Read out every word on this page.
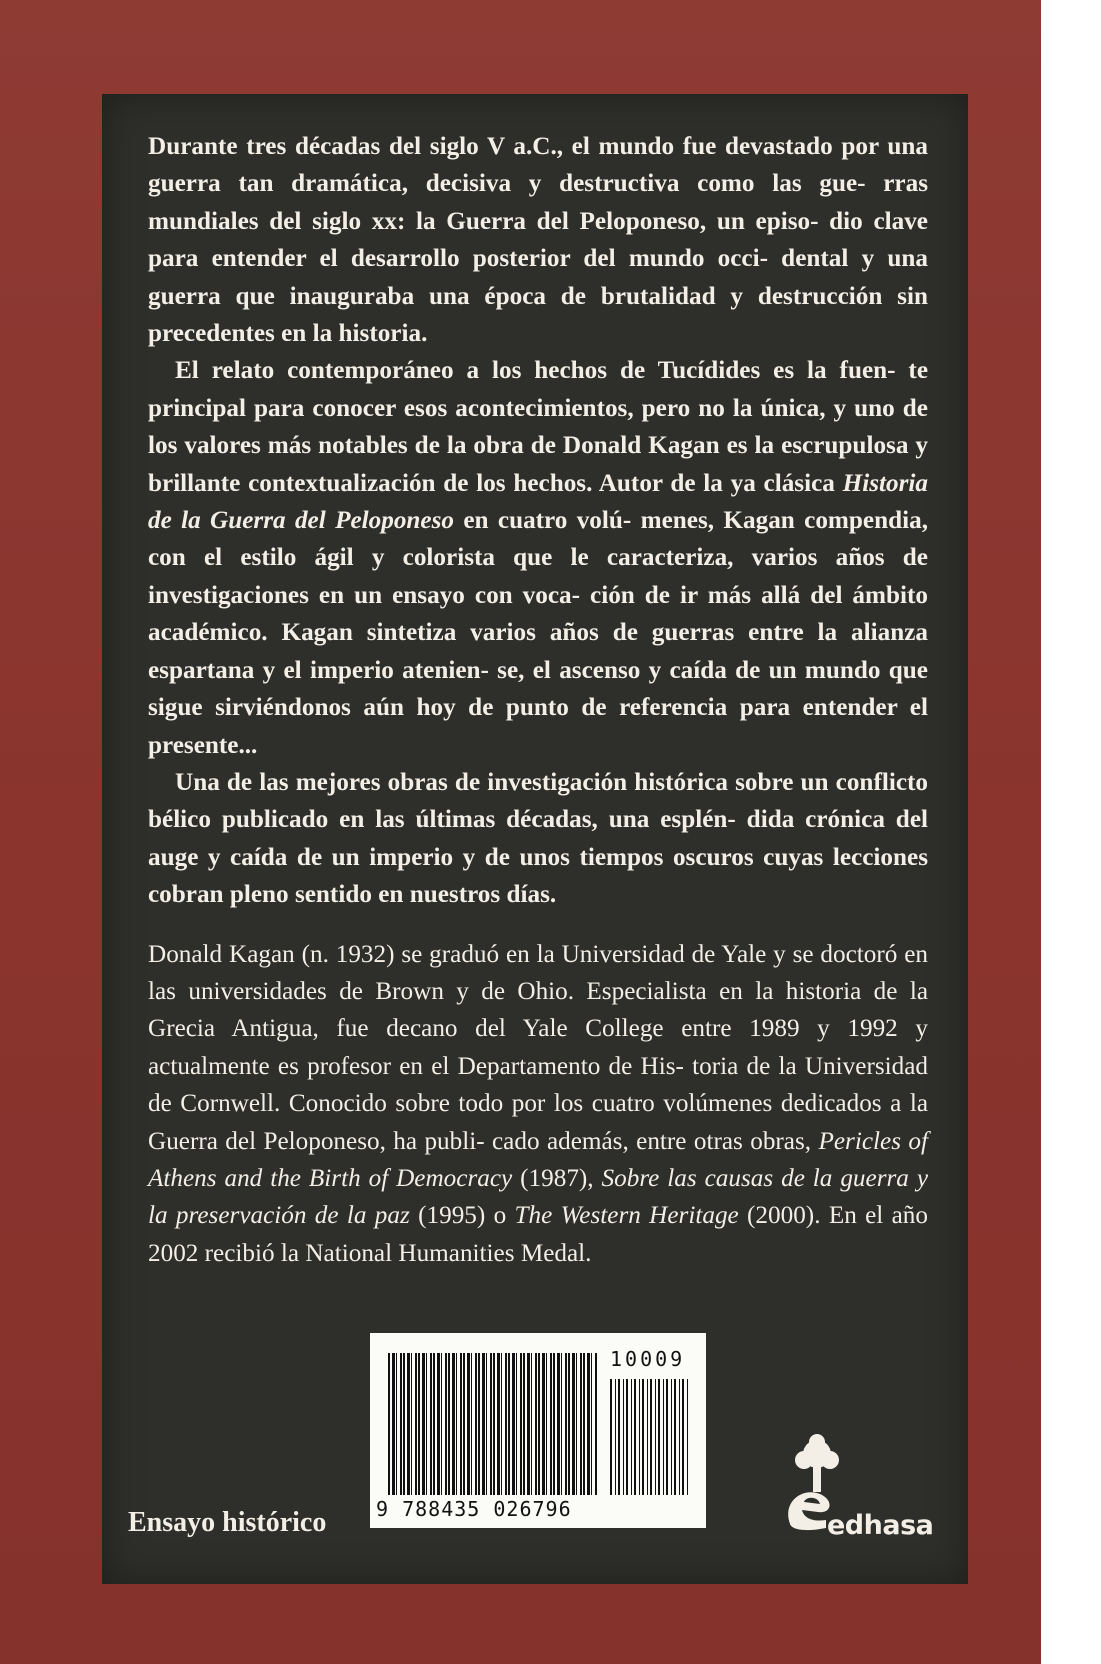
Durante tres décadas del siglo V a.C., el mundo fue devastado por una guerra tan dramática, decisiva y destructiva como las gue- rras mundiales del siglo xx: la Guerra del Peloponeso, un episo- dio clave para entender el desarrollo posterior del mundo occi- dental y una guerra que inauguraba una época de brutalidad y destrucción sin precedentes en la historia.

El relato contemporáneo a los hechos de Tucídides es la fuen- te principal para conocer esos acontecimientos, pero no la única, y uno de los valores más notables de la obra de Donald Kagan es la escrupulosa y brillante contextualización de los hechos. Autor de la ya clásica Historia de la Guerra del Peloponeso en cuatro volú- menes, Kagan compendia, con el estilo ágil y colorista que le caracteriza, varios años de investigaciones en un ensayo con voca- ción de ir más allá del ámbito académico. Kagan sintetiza varios años de guerras entre la alianza espartana y el imperio atenien- se, el ascenso y caída de un mundo que sigue sirviéndonos aún hoy de punto de referencia para entender el presente...

Una de las mejores obras de investigación histórica sobre un conflicto bélico publicado en las últimas décadas, una esplén- dida crónica del auge y caída de un imperio y de unos tiempos oscuros cuyas lecciones cobran pleno sentido en nuestros días.

Donald Kagan (n. 1932) se graduó en la Universidad de Yale y se doctoró en las universidades de Brown y de Ohio. Especialista en la historia de la Grecia Antigua, fue decano del Yale College entre 1989 y 1992 y actualmente es profesor en el Departamento de His- toria de la Universidad de Cornwell. Conocido sobre todo por los cuatro volúmenes dedicados a la Guerra del Peloponeso, ha publi- cado además, entre otras obras, Pericles of Athens and the Birth of Democracy (1987), Sobre las causas de la guerra y la preservación de la paz (1995) o The Western Heritage (2000). En el año 2002 recibió la National Humanities Medal.

Ensayo histórico
10009
9 788435 026796
edhasa
